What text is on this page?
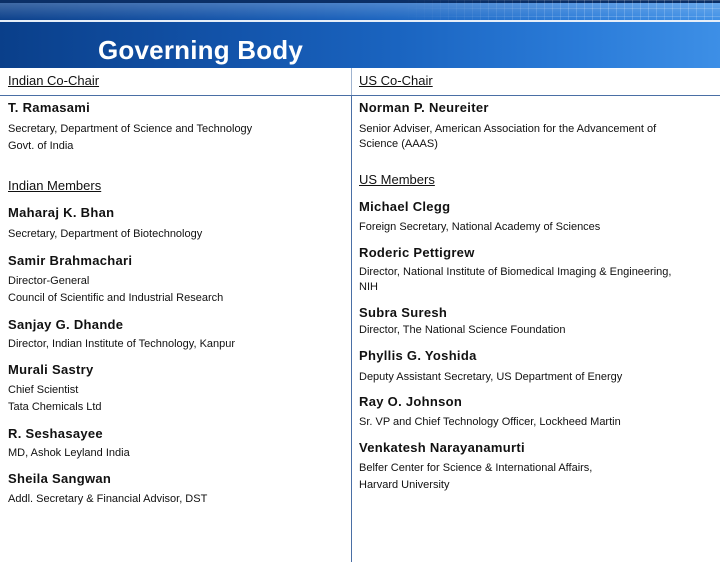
Governing Body
Indian Co-Chair	US Co-Chair
T. Ramasami
Secretary, Department of Science and Technology
Govt. of India
Norman P. Neureiter
Senior Adviser, American Association for the Advancement of
Science (AAAS)
Indian Members
Maharaj K. Bhan
Secretary, Department of Biotechnology
Samir Brahmachari
Director-General
Council of Scientific and Industrial Research
Sanjay G. Dhande
Director, Indian Institute of Technology, Kanpur
Murali Sastry
Chief Scientist
Tata Chemicals Ltd
R. Seshasayee
MD, Ashok Leyland India
Sheila Sangwan
Addl. Secretary & Financial Advisor, DST
US Members
Michael Clegg
Foreign Secretary, National Academy of Sciences
Roderic Pettigrew
Director, National Institute of Biomedical Imaging & Engineering,
NIH
Subra Suresh
Director, The National Science Foundation
Phyllis G. Yoshida
Deputy Assistant Secretary, US Department of Energy
Ray O. Johnson
Sr. VP and Chief Technology Officer, Lockheed Martin
Venkatesh Narayanamurti
Belfer Center for Science & International Affairs,
Harvard University
